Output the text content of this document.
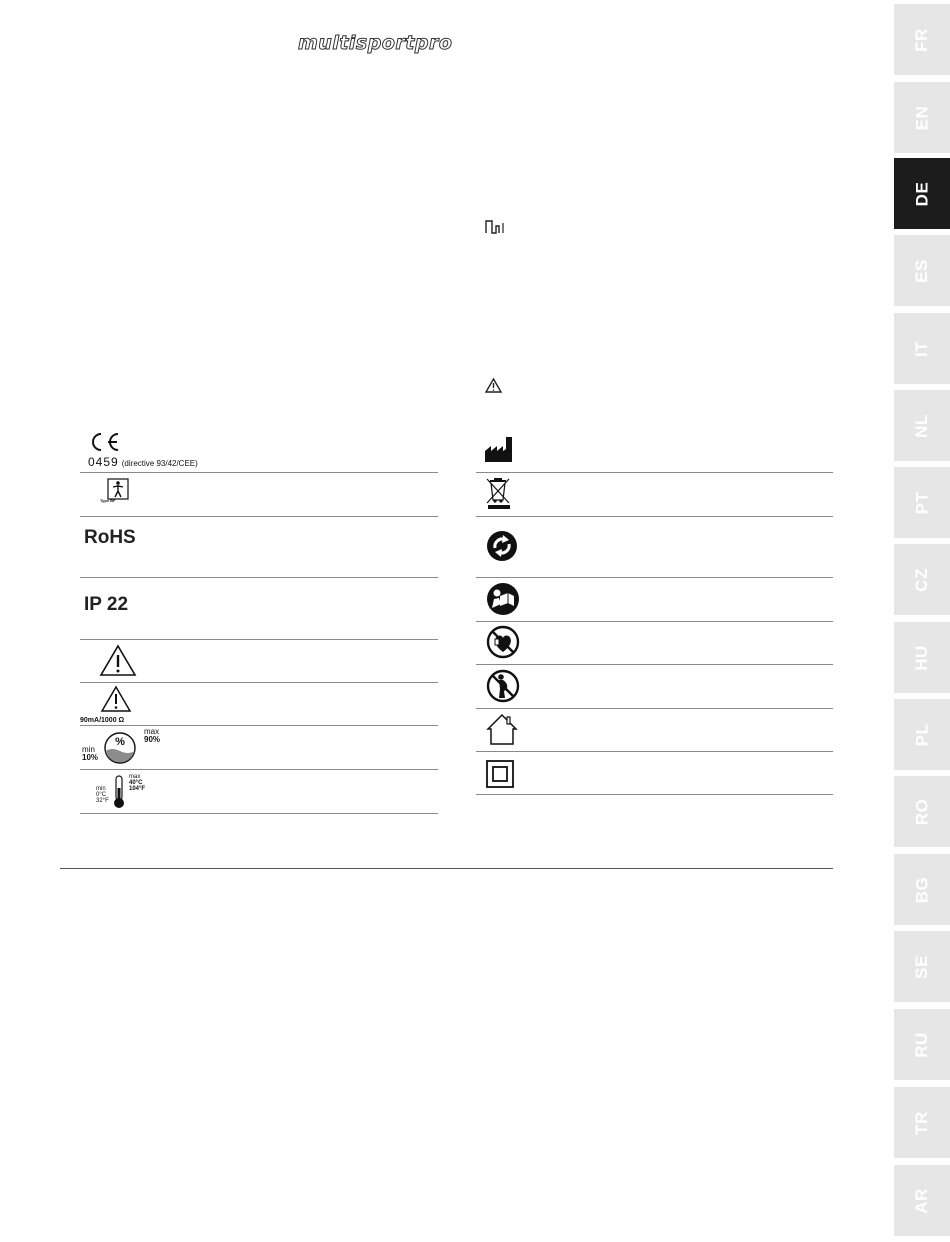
multisportpro	FR
EN
DE
ES
IT
NL
PT
CZ
HU
PL
RO
BG
SE
RU
TR
AR
0459 (directive 93/42/CEE)
Type BF
RoHS
IP 22
90mA/1000 Ω
%
max
90%
min
10%
min
0°C
32°F
max
40°C
104°F
